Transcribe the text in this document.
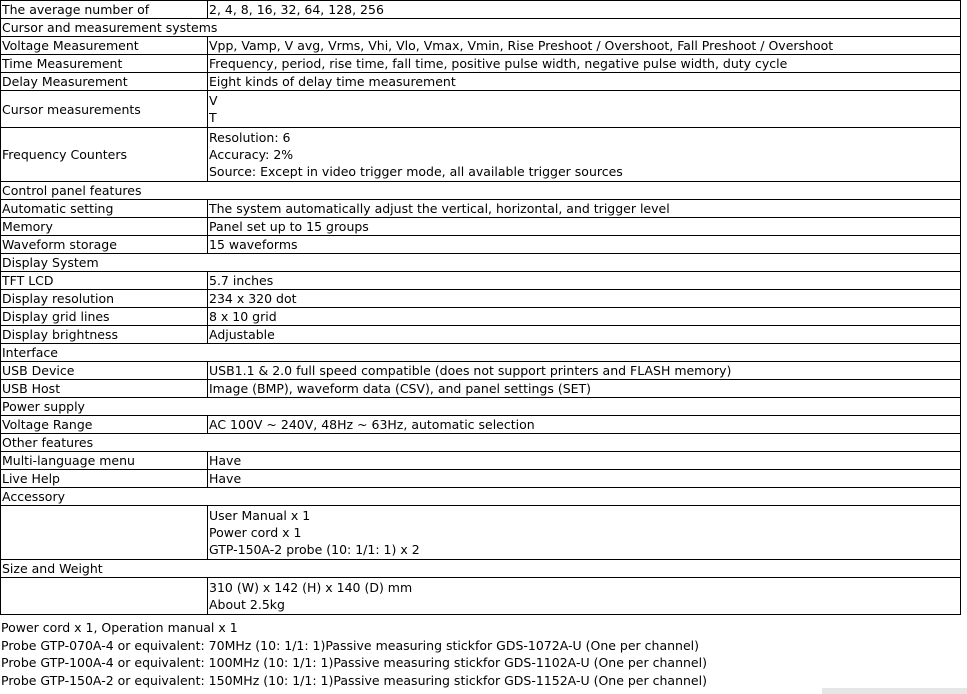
The average number of	2, 4, 8, 16, 32, 64, 128, 256
Cursor and measurement systems	
Voltage Measurement	Vpp, Vamp, V avg, Vrms, Vhi, Vlo, Vmax, Vmin, Rise Preshoot / Overshoot, Fall Preshoot / Overshoot
Time Measurement	Frequency, period, rise time, fall time, positive pulse width, negative pulse width, duty cycle
Delay Measurement	Eight kinds of delay time measurement
Cursor measurements	V
T

Frequency Counters	Resolution: 6
Accuracy: 2%
Source: Except in video trigger mode, all available trigger sources

Control panel features	
Automatic setting	The system automatically adjust the vertical, horizontal, and trigger level
Memory	Panel set up to 15 groups
Waveform storage	15 waveforms
Display System	
TFT LCD	5.7 inches
Display resolution	234 x 320 dot
Display grid lines	8 x 10 grid
Display brightness	Adjustable
Interface	
USB Device	USB1.1 & 2.0 full speed compatible (does not support printers and FLASH memory)
USB Host	Image (BMP), waveform data (CSV), and panel settings (SET)
Power supply	
Voltage Range	AC 100V ~ 240V, 48Hz ~ 63Hz, automatic selection
Other features	
Multi-language menu	Have
Live Help	Have
Accessory	

	User Manual x 1
Power cord x 1
GTP-150A-2 probe (10: 1/1: 1) x 2

Size and Weight	

	310 (W) x 142 (H) x 140 (D) mm
About 2.5kg
Power cord x 1, Operation manual x 1
Probe GTP-070A-4 or equivalent: 70MHz (10: 1/1: 1)Passive measuring stickfor GDS-1072A-U (One per channel)
Probe GTP-100A-4 or equivalent: 100MHz (10: 1/1: 1)Passive measuring stickfor GDS-1102A-U (One per channel)
Probe GTP-150A-2 or equivalent: 150MHz (10: 1/1: 1)Passive measuring stickfor GDS-1152A-U (One per channel)
